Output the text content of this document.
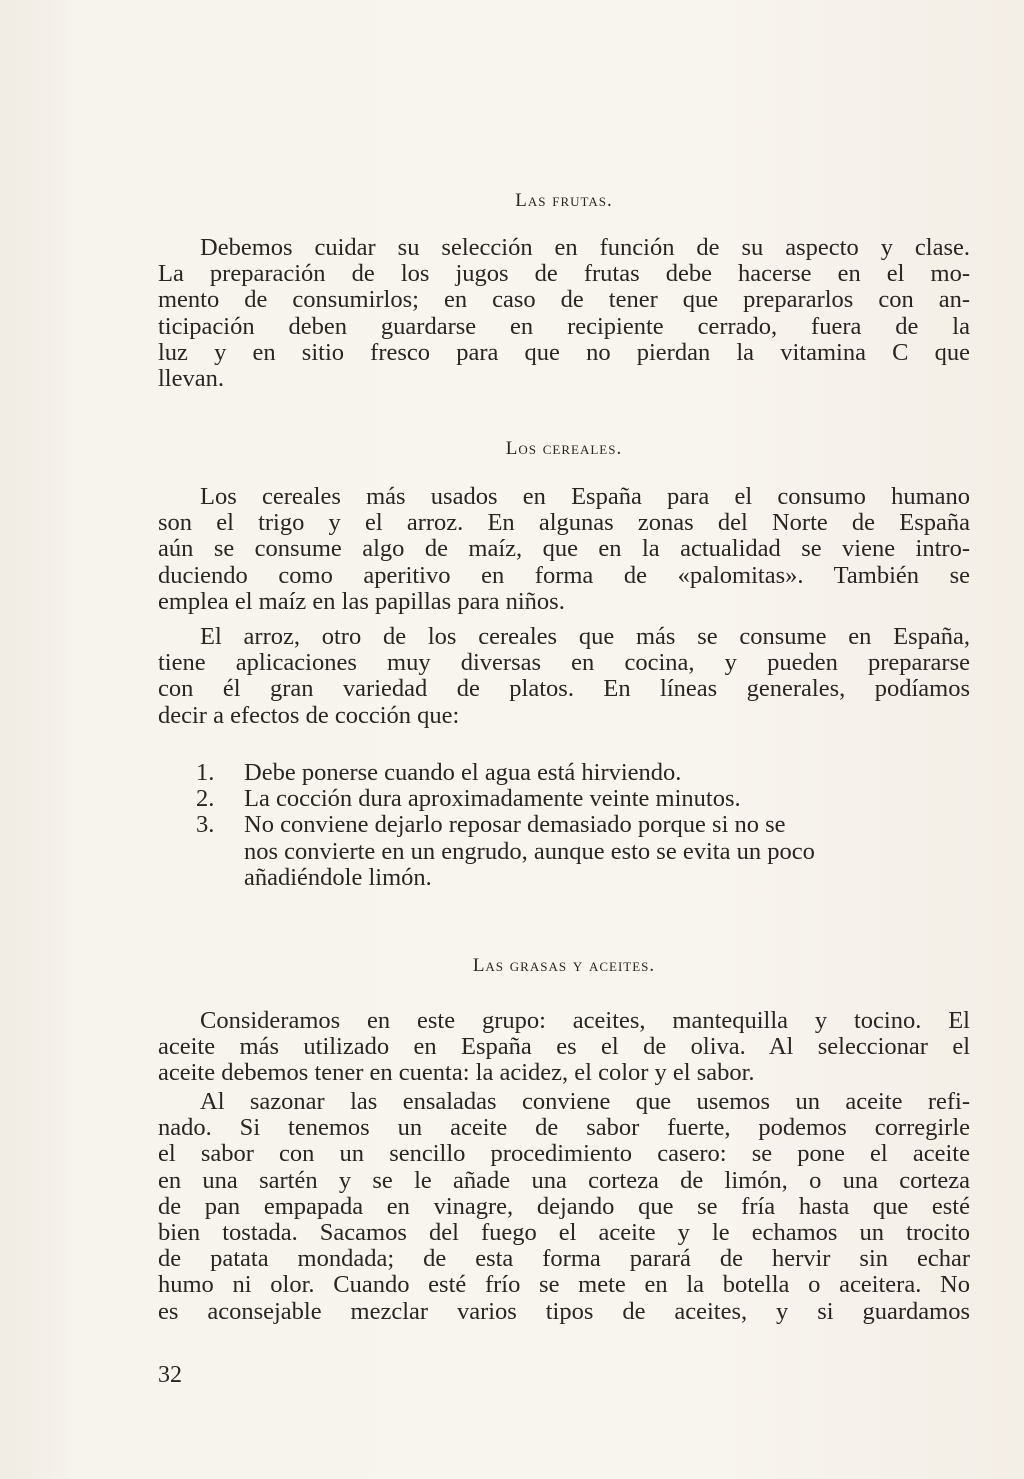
Las frutas.
Debemos cuidar su selección en función de su aspecto y clase.
La preparación de los jugos de frutas debe hacerse en el mo-
mento de consumirlos; en caso de tener que prepararlos con an-
ticipación deben guardarse en recipiente cerrado, fuera de la
luz y en sitio fresco para que no pierdan la vitamina C que
llevan.
Los cereales.
Los cereales más usados en España para el consumo humano
son el trigo y el arroz. En algunas zonas del Norte de España
aún se consume algo de maíz, que en la actualidad se viene intro-
duciendo como aperitivo en forma de «palomitas». También se
emplea el maíz en las papillas para niños.
El arroz, otro de los cereales que más se consume en España,
tiene aplicaciones muy diversas en cocina, y pueden prepararse
con él gran variedad de platos. En líneas generales, podíamos
decir a efectos de cocción que:
1.	Debe ponerse cuando el agua está hirviendo.
2.	La cocción dura aproximadamente veinte minutos.
3.	No conviene dejarlo reposar demasiado porque si no se
nos convierte en un engrudo, aunque esto se evita un poco
añadiéndole limón.
Las grasas y aceites.
Consideramos en este grupo: aceites, mantequilla y tocino. El
aceite más utilizado en España es el de oliva. Al seleccionar el
aceite debemos tener en cuenta: la acidez, el color y el sabor.
Al sazonar las ensaladas conviene que usemos un aceite refi-
nado. Si tenemos un aceite de sabor fuerte, podemos corregirle
el sabor con un sencillo procedimiento casero: se pone el aceite
en una sartén y se le añade una corteza de limón, o una corteza
de pan empapada en vinagre, dejando que se fría hasta que esté
bien tostada. Sacamos del fuego el aceite y le echamos un trocito
de patata mondada; de esta forma parará de hervir sin echar
humo ni olor. Cuando esté frío se mete en la botella o aceitera. No
es aconsejable mezclar varios tipos de aceites, y si guardamos
32
